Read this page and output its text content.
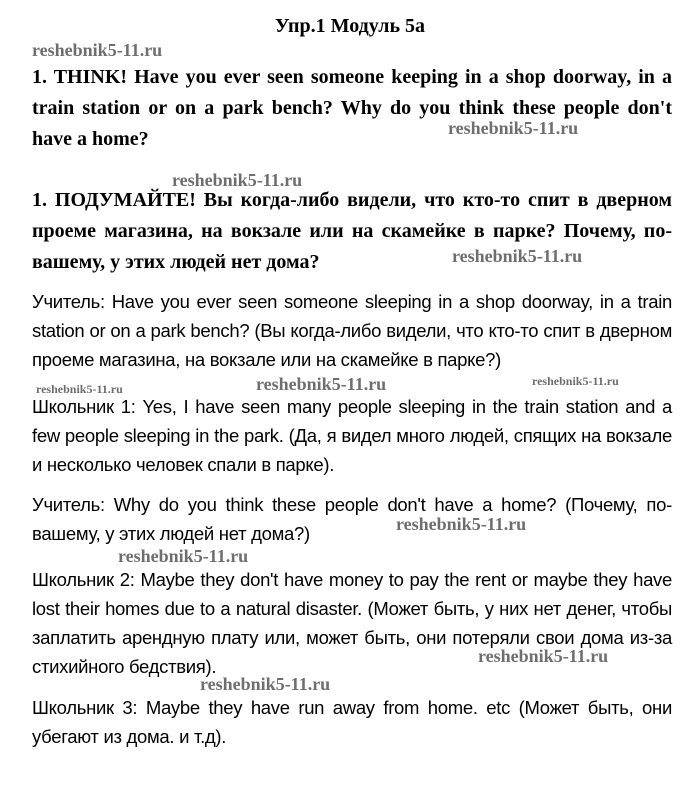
Упр.1 Модуль 5а
1. THINK! Have you ever seen someone keeping in a shop doorway, in a train station or on a park bench? Why do you think these people don't have a home?
1. ПОДУМАЙТЕ! Вы когда-либо видели, что кто-то спит в дверном проеме магазина, на вокзале или на скамейке в парке? Почему, по-вашему, у этих людей нет дома?
Учитель: Have you ever seen someone sleeping in a shop doorway, in a train station or on a park bench? (Вы когда-либо видели, что кто-то спит в дверном проеме магазина, на вокзале или на скамейке в парке?)
Школьник 1: Yes, I have seen many people sleeping in the train station and a few people sleeping in the park. (Да, я видел много людей, спящих на вокзале и несколько человек спали в парке).
Учитель: Why do you think these people don't have a home? (Почему, по-вашему, у этих людей нет дома?)
Школьник 2: Maybe they don't have money to pay the rent or maybe they have lost their homes due to a natural disaster. (Может быть, у них нет денег, чтобы заплатить арендную плату или, может быть, они потеряли свои дома из-за стихийного бедствия).
Школьник 3: Maybe they have run away from home. etc (Может быть, они убегают из дома. и т.д).
reshebnik5-11.ru
reshebnik5-11.ru
reshebnik5-11.ru
reshebnik5-11.ru
reshebnik5-11.ru	reshebnik5-11.ru	reshebnik5-11.ru
reshebnik5-11.ru
reshebnik5-11.ru
reshebnik5-11.ru
reshebnik5-11.ru
